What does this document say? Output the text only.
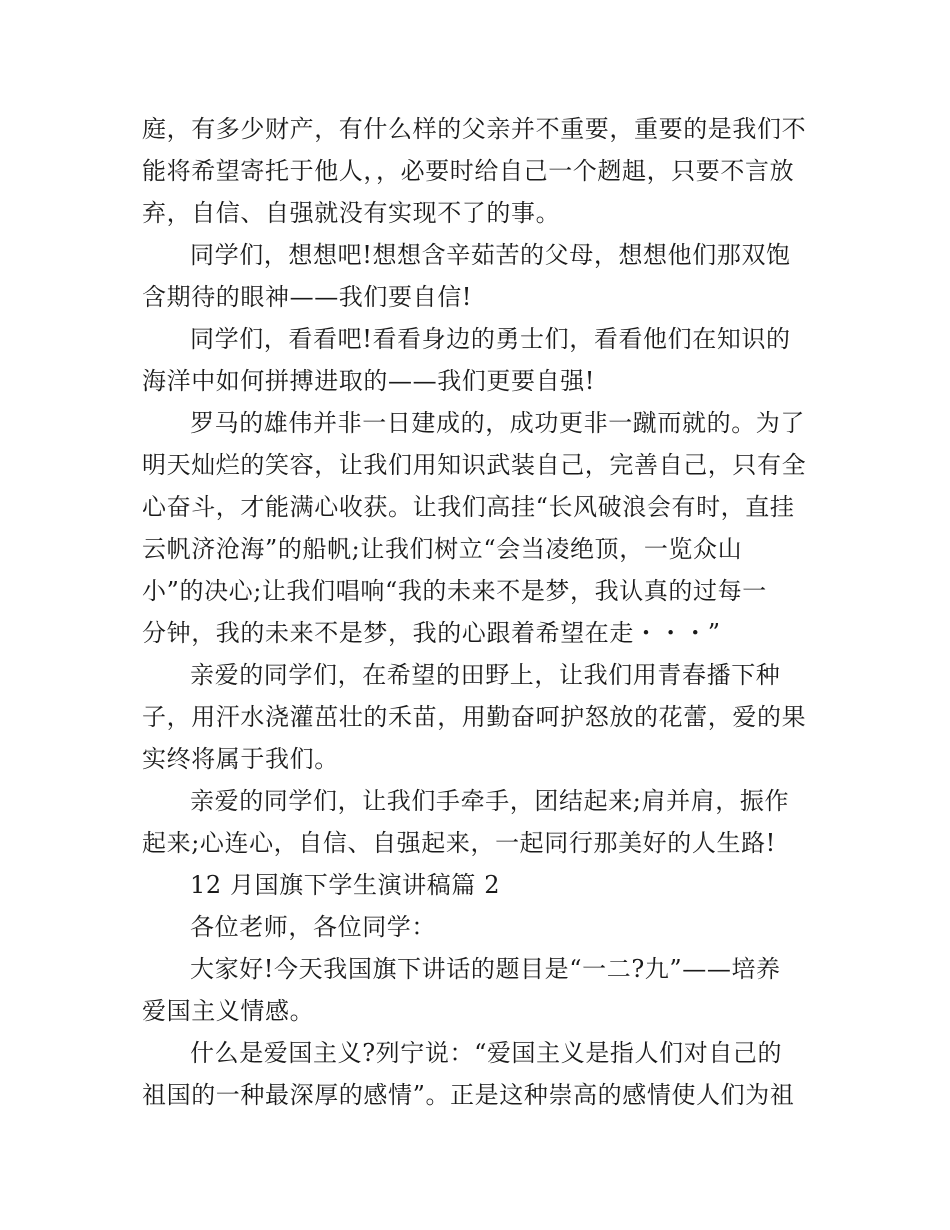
庭，有多少财产，有什么样的父亲并不重要，重要的是我们不
能将希望寄托于他人，，必要时给自己一个趔趄，只要不言放
弃，自信、自强就没有实现不了的事。
同学们，想想吧!想想含辛茹苦的父母，想想他们那双饱
含期待的眼神——我们要自信!
同学们，看看吧!看看身边的勇士们，看看他们在知识的
海洋中如何拼搏进取的——我们更要自强!
罗马的雄伟并非一日建成的，成功更非一蹴而就的。为了
明天灿烂的笑容，让我们用知识武装自己，完善自己，只有全
心奋斗，才能满心收获。让我们高挂“长风破浪会有时，直挂
云帆济沧海”的船帆;让我们树立“会当凌绝顶，一览众山
小”的决心;让我们唱响“我的未来不是梦，我认真的过每一
分钟，我的未来不是梦，我的心跟着希望在走・・・”
亲爱的同学们，在希望的田野上，让我们用青春播下种
子，用汗水浇灌茁壮的禾苗，用勤奋呵护怒放的花蕾，爱的果
实终将属于我们。
亲爱的同学们，让我们手牵手，团结起来;肩并肩，振作
起来;心连心，自信、自强起来，一起同行那美好的人生路!
12 月国旗下学生演讲稿篇 2
各位老师，各位同学：
大家好!今天我国旗下讲话的题目是“一二?九”——培养
爱国主义情感。
什么是爱国主义?列宁说：“爱国主义是指人们对自己的
祖国的一种最深厚的感情”。正是这种崇高的感情使人们为祖
